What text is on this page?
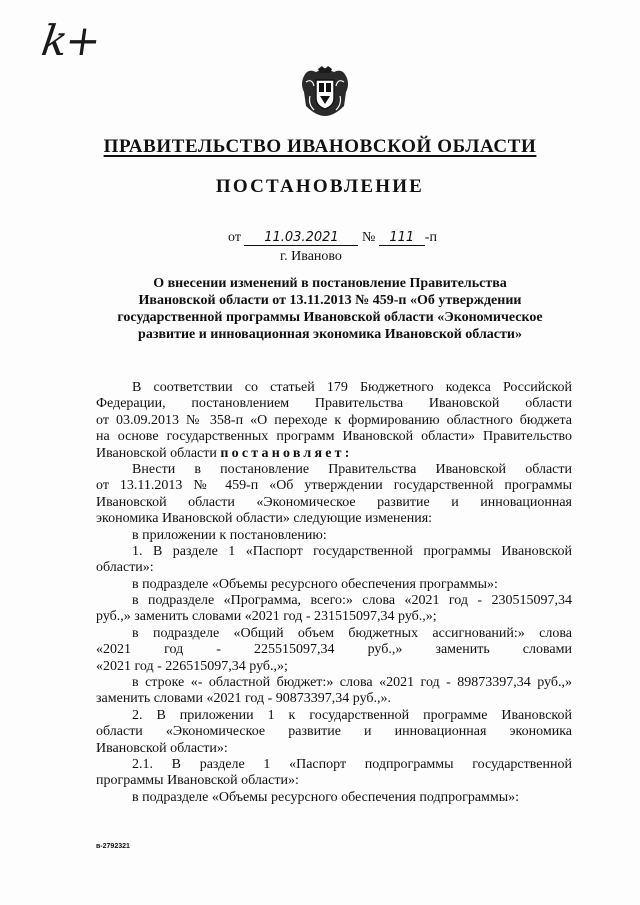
k+
ПРАВИТЕЛЬСТВО ИВАНОВСКОЙ ОБЛАСТИ
ПОСТАНОВЛЕНИЕ
от 11.03.2021 № 111 -п
г. Иваново
О внесении изменений в постановление Правительства
Ивановской области от 13.11.2013 № 459-п «Об утверждении
государственной программы Ивановской области «Экономическое
развитие и инновационная экономика Ивановской области»
В соответствии со статьей 179 Бюджетного кодекса Российской
Федерации, постановлением Правительства Ивановской области
от 03.09.2013 № 358-п «О переходе к формированию областного бюджета
на основе государственных программ Ивановской области» Правительство
Ивановской области постановляет:
Внести в постановление Правительства Ивановской области
от 13.11.2013 № 459-п «Об утверждении государственной программы
Ивановской области «Экономическое развитие и инновационная
экономика Ивановской области» следующие изменения:
в приложении к постановлению:
1. В разделе 1 «Паспорт государственной программы Ивановской
области»:
в подразделе «Объемы ресурсного обеспечения программы»:
в подразделе «Программа, всего:» слова «2021 год - 230515097,34
руб.,» заменить словами «2021 год - 231515097,34 руб.,»;
в подразделе «Общий объем бюджетных ассигнований:» слова
«2021 год - 225515097,34 руб.,» заменить словами
«2021 год - 226515097,34 руб.,»;
в строке «- областной бюджет:» слова «2021 год - 89873397,34 руб.,»
заменить словами «2021 год - 90873397,34 руб.,».
2. В приложении 1 к государственной программе Ивановской
области «Экономическое развитие и инновационная экономика
Ивановской области»:
2.1. В разделе 1 «Паспорт подпрограммы государственной
программы Ивановской области»:
в подразделе «Объемы ресурсного обеспечения подпрограммы»:
в-2792321
